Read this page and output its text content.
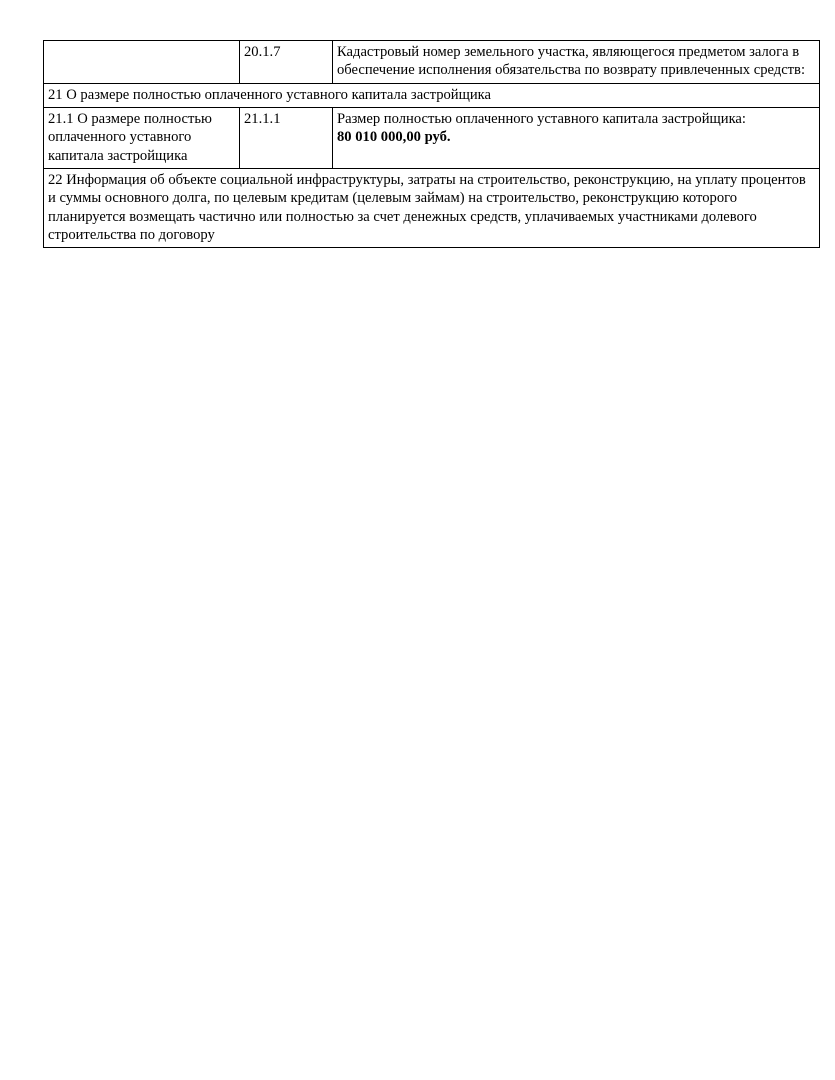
	20.1.7	Кадастровый номер земельного участка, являющегося предметом залога в обеспечение исполнения обязательства по возврату привлеченных средств:
21 О размере полностью оплаченного уставного капитала застройщика		
21.1 О размере полностью оплаченного уставного капитала застройщика	21.1.1	Размер полностью оплаченного уставного капитала застройщика: 80 010 000,00 руб.
22 Информация об объекте социальной инфраструктуры, затраты на строительство, реконструкцию, на уплату процентов и суммы основного долга, по целевым кредитам (целевым займам) на строительство, реконструкцию которого планируется возмещать частично или полностью за счет денежных средств, уплачиваемых участниками долевого строительства по договору		
